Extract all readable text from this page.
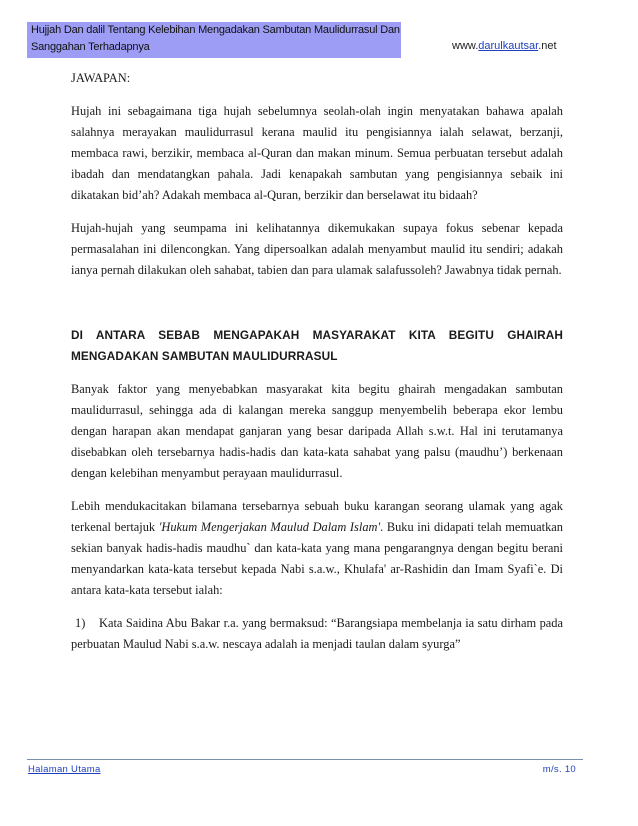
Hujjah Dan dalil Tentang Kelebihan Mengadakan Sambutan Maulidurrasul Dan
Sanggahan Terhadapnya	www.darulkautsar.net

JAWAPAN:

Hujah ini sebagaimana tiga hujah sebelumnya seolah-olah ingin menyatakan bahawa apalah salahnya merayakan maulidurrasul kerana maulid itu pengisiannya ialah selawat, berzanji, membaca rawi, berzikir, membaca al-Quran dan makan minum. Semua perbuatan tersebut adalah ibadah dan mendatangkan pahala. Jadi kenapakah sambutan yang pengisiannya sebaik ini dikatakan bid’ah? Adakah membaca al-Quran, berzikir dan berselawat itu bidaah?

Hujah-hujah yang seumpama ini kelihatannya dikemukakan supaya fokus sebenar kepada permasalahan ini dilencongkan. Yang dipersoalkan adalah menyambut maulid itu sendiri; adakah ianya pernah dilakukan oleh sahabat, tabien dan para ulamak salafussoleh? Jawabnya tidak pernah.

DI ANTARA SEBAB MENGAPAKAH MASYARAKAT KITA BEGITU GHAIRAH MENGADAKAN SAMBUTAN MAULIDURRASUL

Banyak faktor yang menyebabkan masyarakat kita begitu ghairah mengadakan sambutan maulidurrasul, sehingga ada di kalangan mereka sanggup menyembelih beberapa ekor lembu dengan harapan akan mendapat ganjaran yang besar daripada Allah s.w.t. Hal ini terutamanya disebabkan oleh tersebarnya hadis-hadis dan kata-kata sahabat yang palsu (maudhu’) berkenaan dengan kelebihan menyambut perayaan maulidurrasul.

Lebih mendukacitakan bilamana tersebarnya sebuah buku karangan seorang ulamak yang agak terkenal bertajuk 'Hukum Mengerjakan Maulud Dalam Islam'. Buku ini didapati telah memuatkan sekian banyak hadis-hadis maudhu` dan kata-kata yang mana pengarangnya dengan begitu berani menyandarkan kata-kata tersebut kepada Nabi s.a.w., Khulafa' ar-Rashidin dan Imam Syafi`e. Di antara kata-kata tersebut ialah:

1) Kata Saidina Abu Bakar r.a. yang bermaksud: “Barangsiapa membelanja ia satu dirham pada perbuatan Maulud Nabi s.a.w. nescaya adalah ia menjadi taulan dalam syurga”

Halaman Utama	m/s. 10
